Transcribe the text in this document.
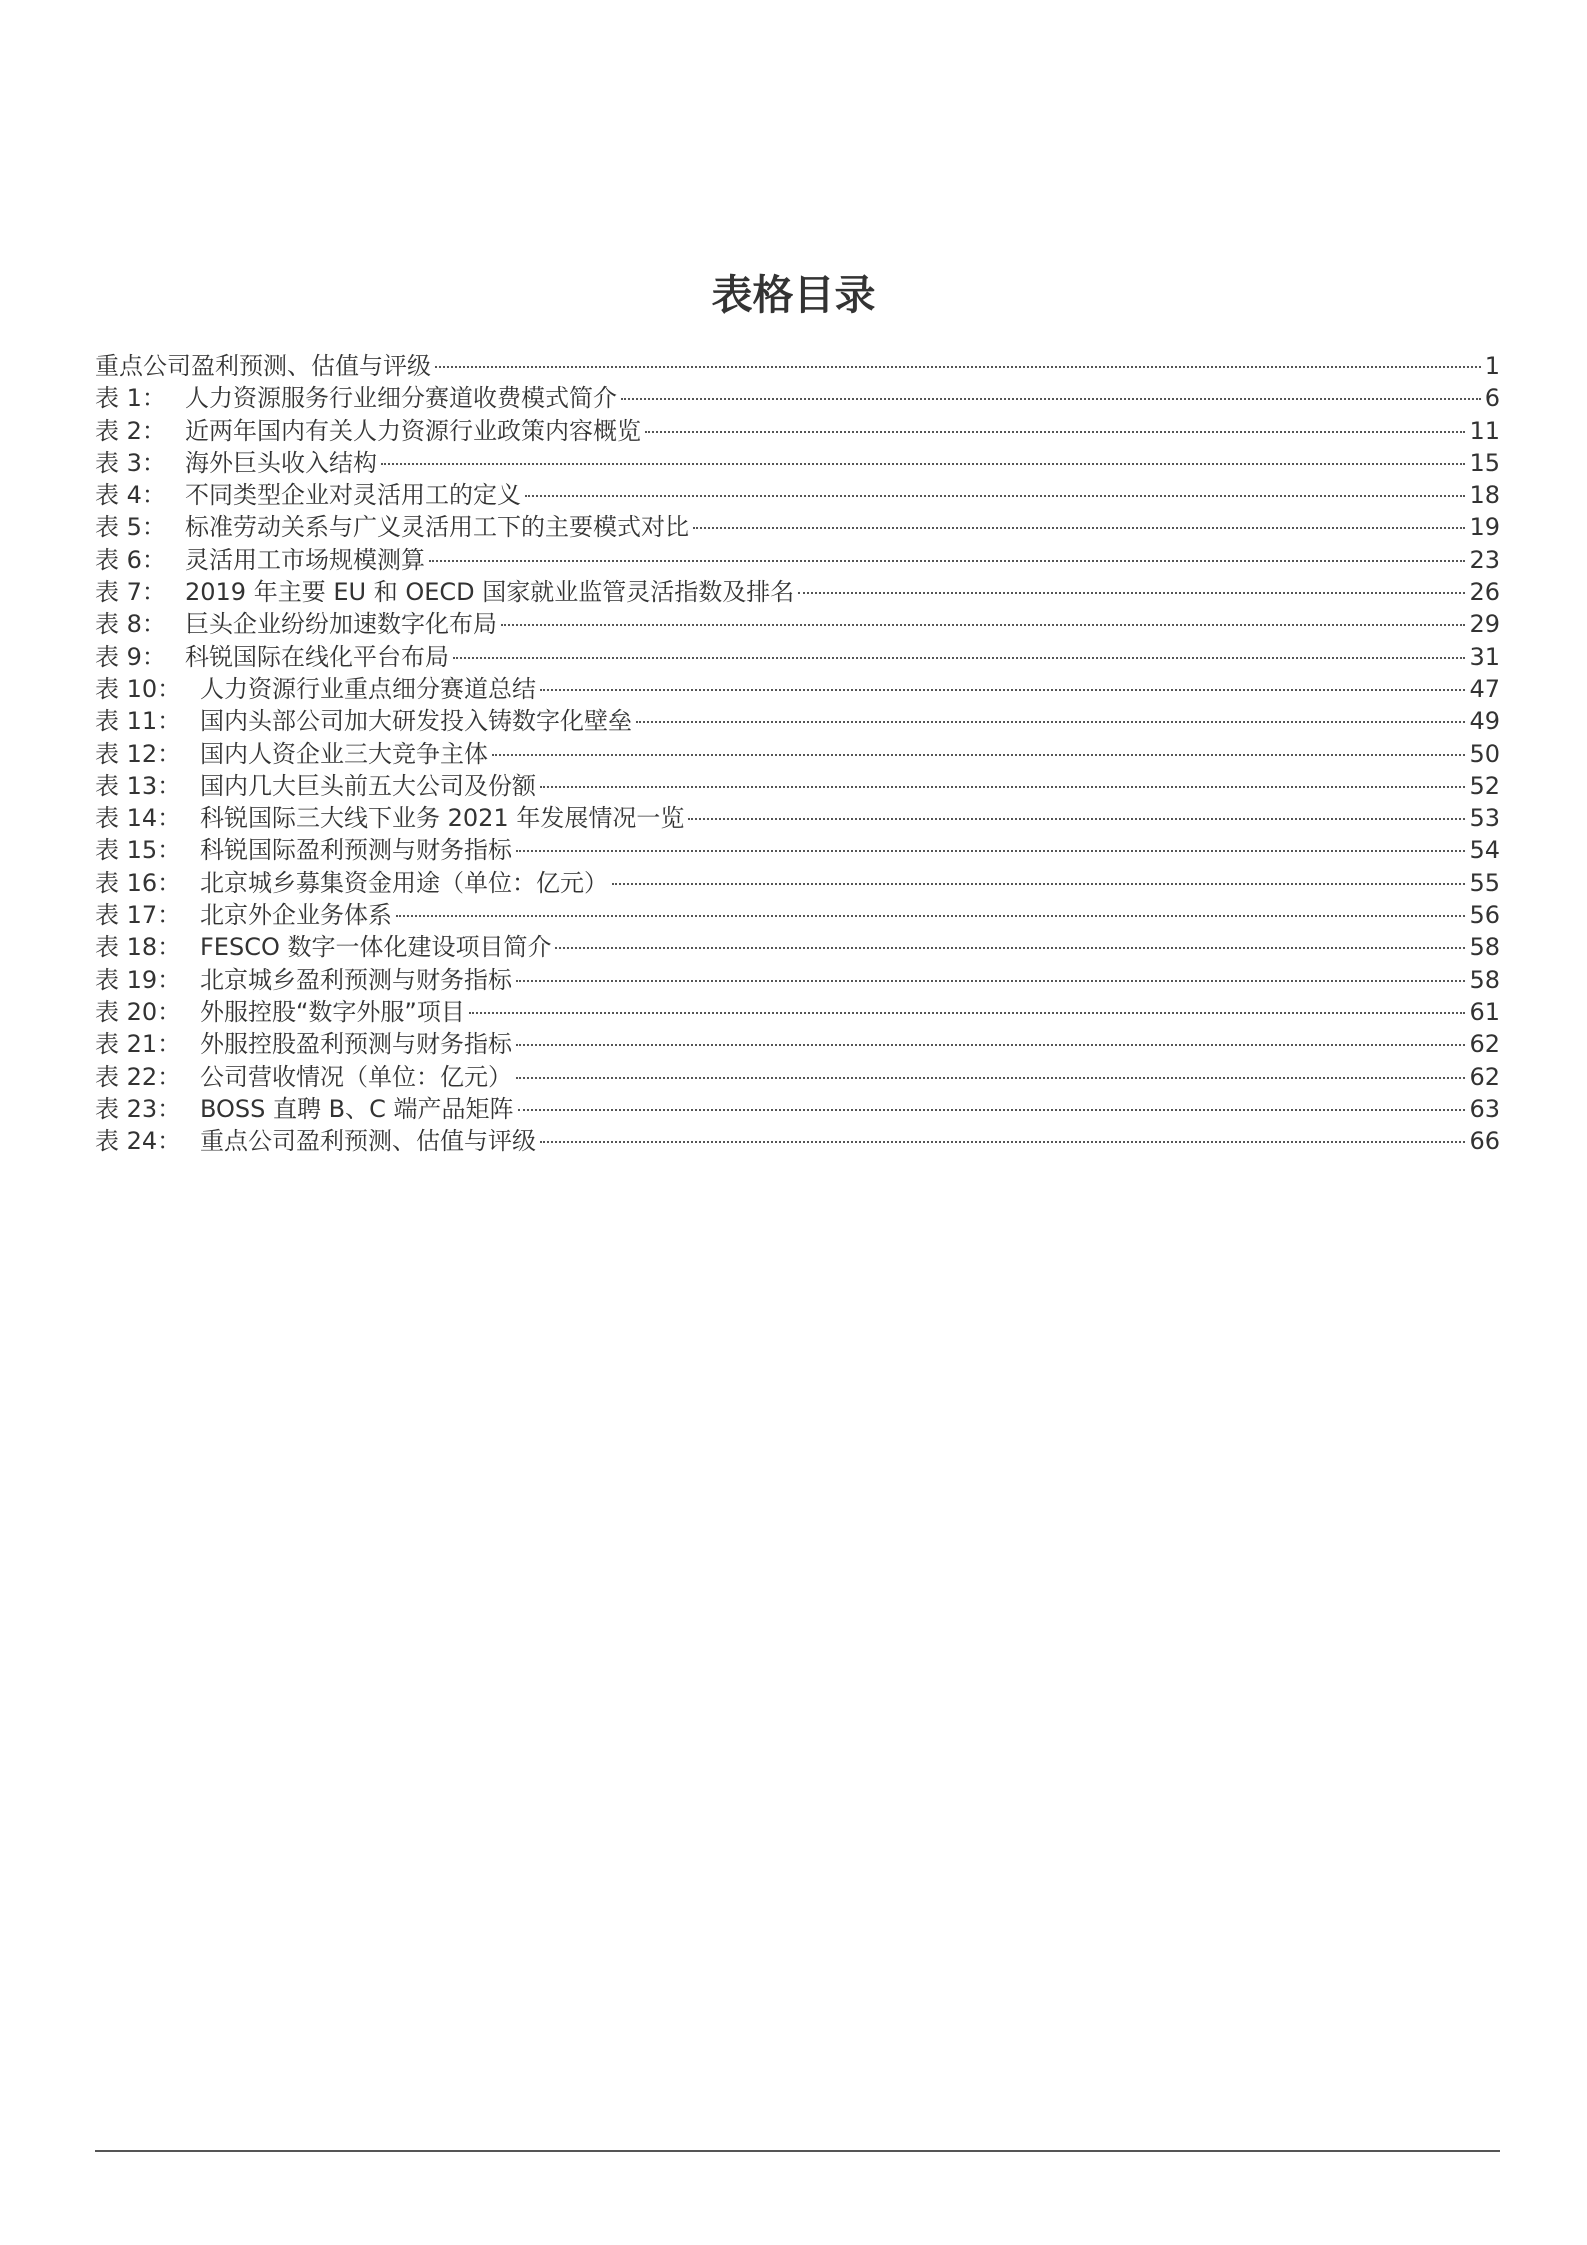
表格目录
重点公司盈利预测、估值与评级	1
表 1： 人力资源服务行业细分赛道收费模式简介	6
表 2： 近两年国内有关人力资源行业政策内容概览	11
表 3： 海外巨头收入结构	15
表 4： 不同类型企业对灵活用工的定义	18
表 5： 标准劳动关系与广义灵活用工下的主要模式对比	19
表 6： 灵活用工市场规模测算	23
表 7： 2019 年主要 EU 和 OECD 国家就业监管灵活指数及排名	26
表 8： 巨头企业纷纷加速数字化布局	29
表 9： 科锐国际在线化平台布局	31
表 10： 人力资源行业重点细分赛道总结	47
表 11： 国内头部公司加大研发投入铸数字化壁垒	49
表 12： 国内人资企业三大竞争主体	50
表 13： 国内几大巨头前五大公司及份额	52
表 14： 科锐国际三大线下业务 2021 年发展情况一览	53
表 15： 科锐国际盈利预测与财务指标	54
表 16： 北京城乡募集资金用途（单位：亿元）	55
表 17： 北京外企业务体系	56
表 18： FESCO 数字一体化建设项目简介	58
表 19： 北京城乡盈利预测与财务指标	58
表 20： 外服控股“数字外服”项目	61
表 21： 外服控股盈利预测与财务指标	62
表 22： 公司营收情况（单位：亿元）	62
表 23： BOSS 直聘 B、C 端产品矩阵	63
表 24： 重点公司盈利预测、估值与评级	66
